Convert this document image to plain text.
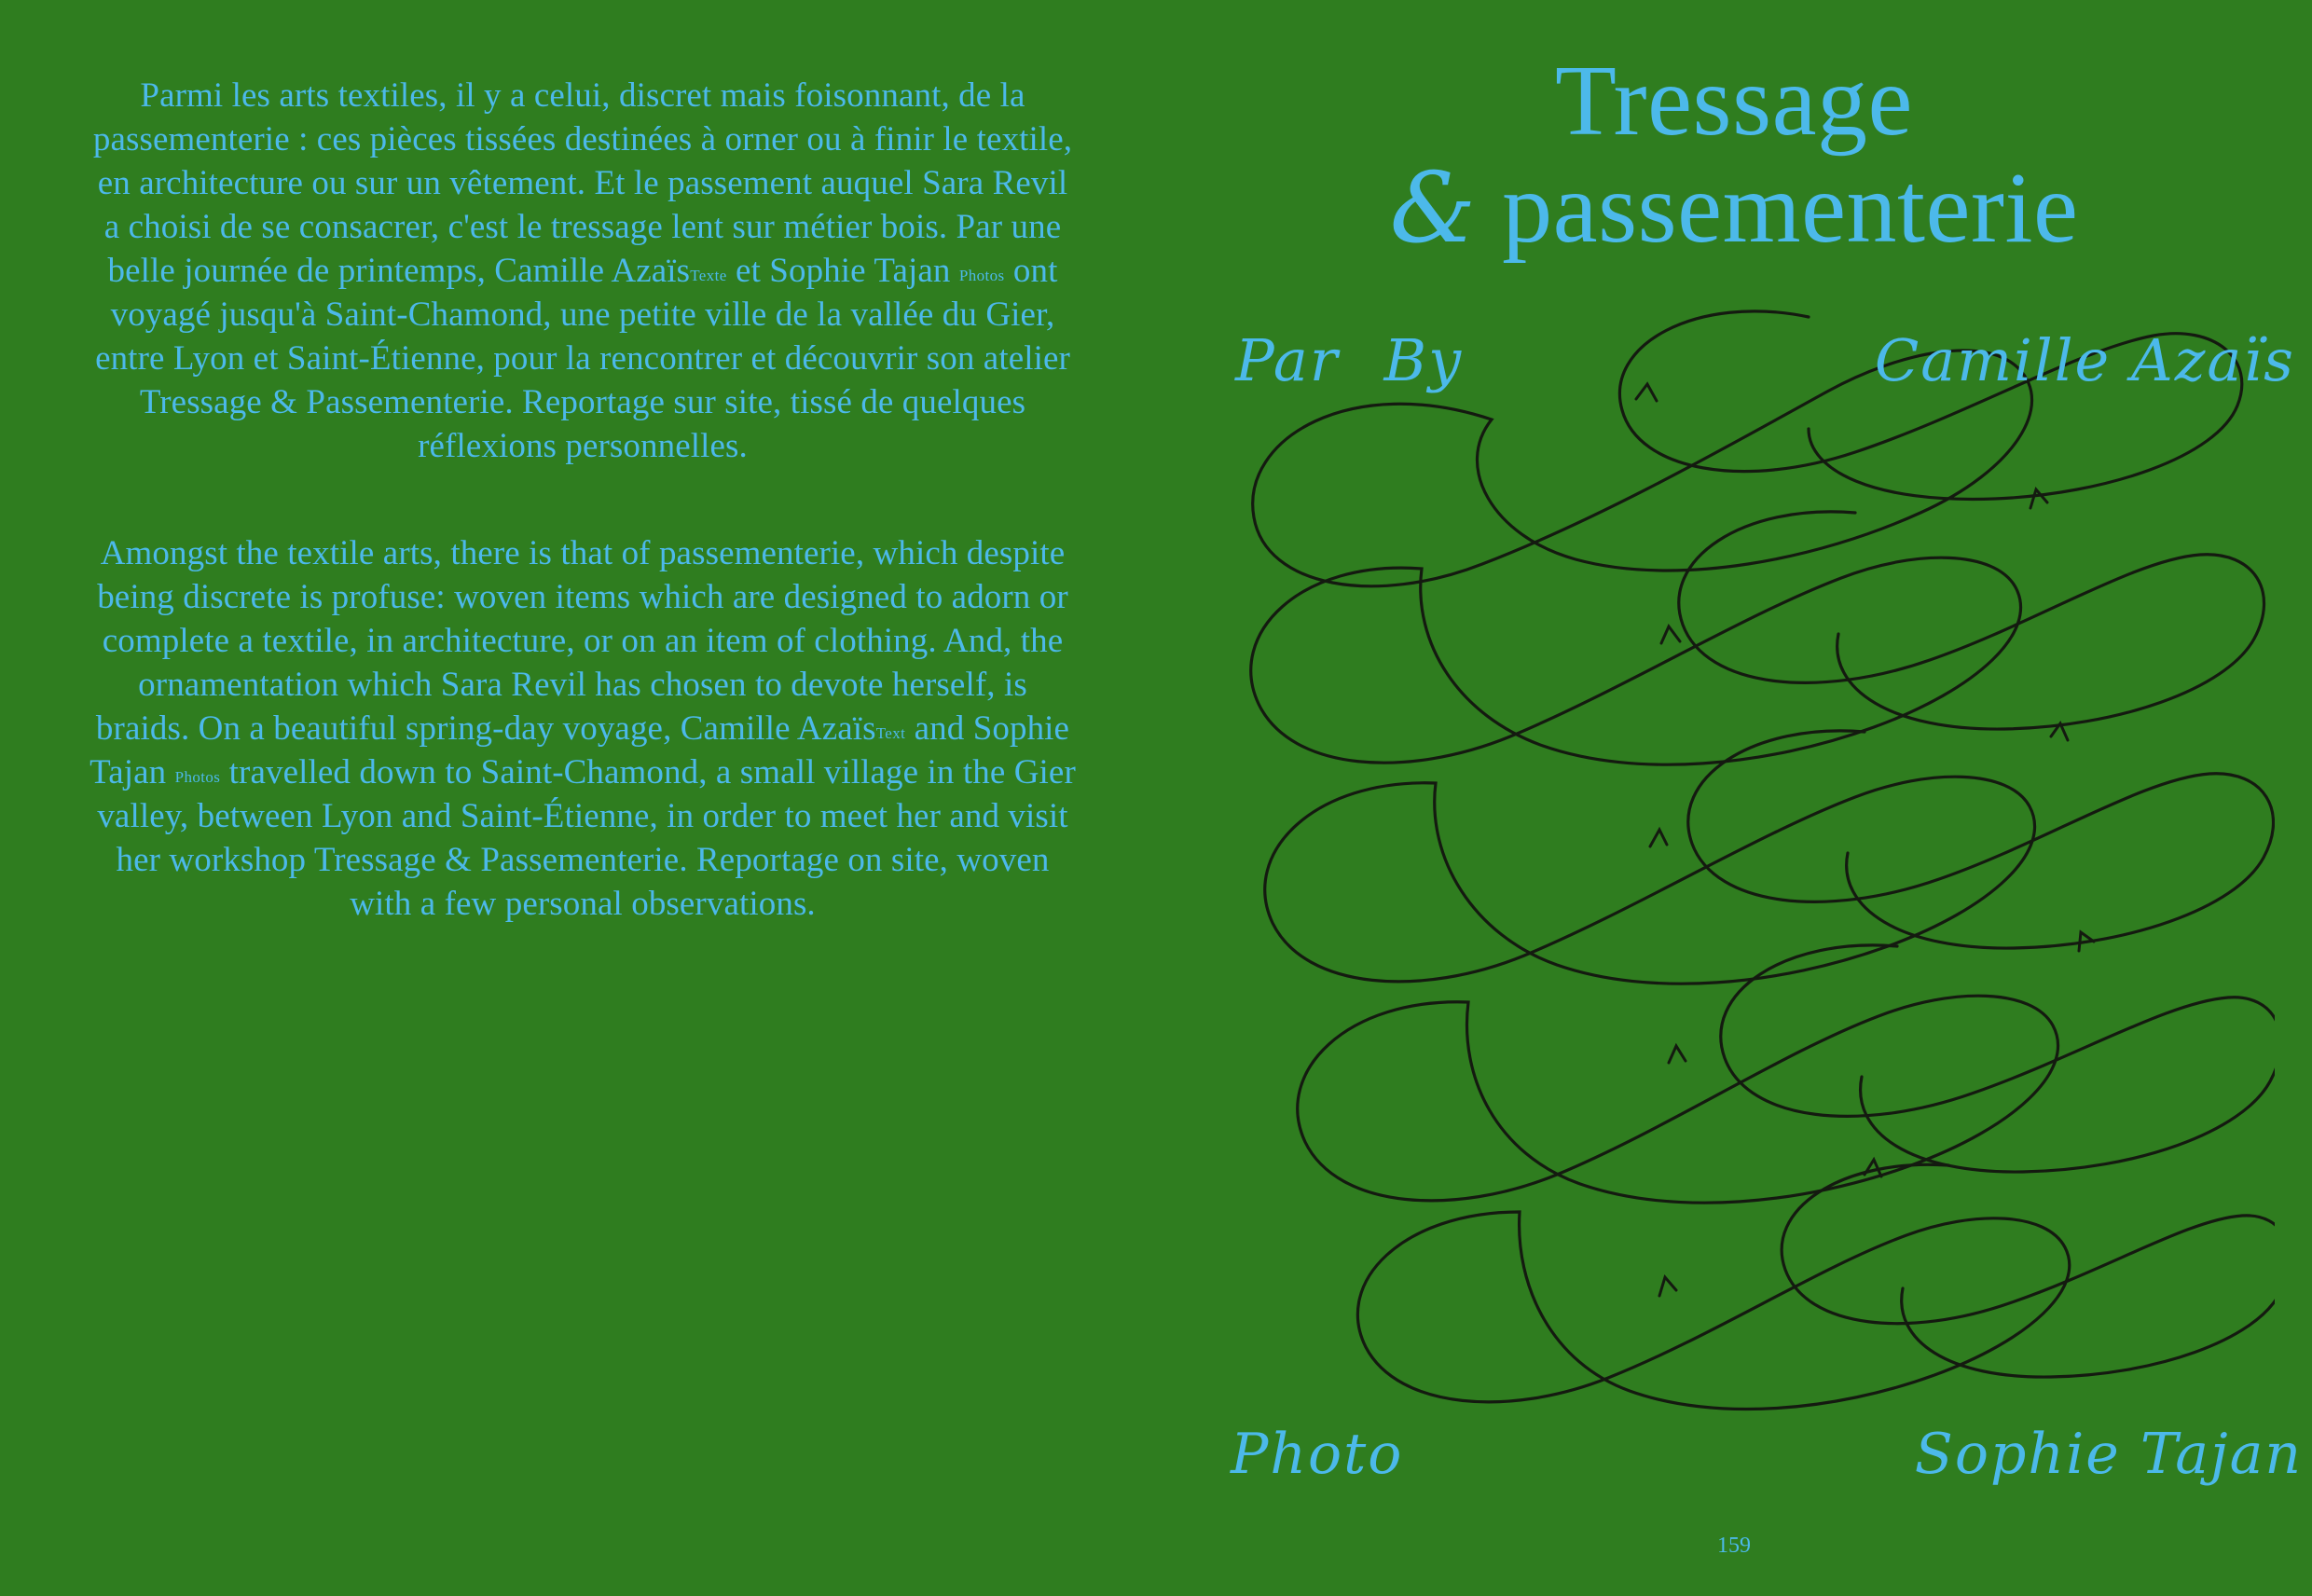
Parmi les arts textiles, il y a celui, discret mais foisonnant, de la passementerie : ces pièces tissées destinées à orner ou à finir le textile, en architecture ou sur un vêtement. Et le passement auquel Sara Revil a choisi de se consacrer, c'est le tressage lent sur métier bois. Par une belle journée de printemps, Camille AzaïsTexte et Sophie Tajan Photos ont voyagé jusqu'à Saint-Chamond, une petite ville de la vallée du Gier, entre Lyon et Saint-Étienne, pour la rencontrer et découvrir son atelier Tressage & Passementerie. Reportage sur site, tissé de quelques réflexions personnelles.
Amongst the textile arts, there is that of passementerie, which despite being discrete is profuse: woven items which are designed to adorn or complete a textile, in architecture, or on an item of clothing. And, the ornamentation which Sara Revil has chosen to devote herself, is braids. On a beautiful spring-day voyage, Camille AzaïsText and Sophie Tajan Photos travelled down to Saint-Chamond, a small village in the Gier valley, between Lyon and Saint-Étienne, in order to meet her and visit her workshop Tressage & Passementerie. Reportage on site, woven with a few personal observations.
Tressage
& passementerie
Par By	Camille Azaïs
Photo	Sophie Tajan
159
